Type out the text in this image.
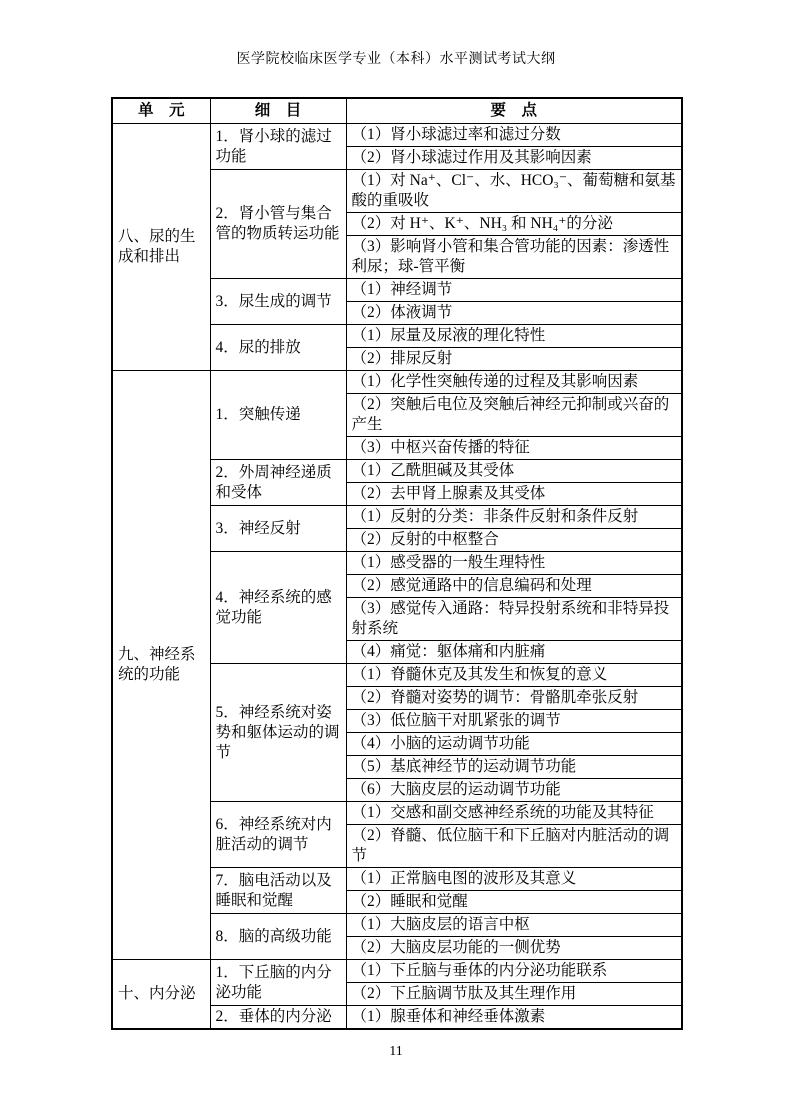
医学院校临床医学专业（本科）水平测试考试大纲
单　元	细　目	要　点
八、尿的生成和排出	1．肾小球的滤过功能	（1）肾小球滤过率和滤过分数
		（2）肾小球滤过作用及其影响因素
	2．肾小管与集合管的物质转运功能	（1）对 Na⁺、Cl⁻、水、HCO₃⁻、葡萄糖和氨基酸的重吸收
		（2）对 H⁺、K⁺、NH₃ 和 NH₄⁺的分泌
		（3）影响肾小管和集合管功能的因素：渗透性利尿；球-管平衡
	3．尿生成的调节	（1）神经调节
		（2）体液调节
	4．尿的排放	（1）尿量及尿液的理化特性
		（2）排尿反射
九、神经系统的功能	1．突触传递	（1）化学性突触传递的过程及其影响因素
		（2）突触后电位及突触后神经元抑制或兴奋的产生
		（3）中枢兴奋传播的特征
	2．外周神经递质和受体	（1）乙酰胆碱及其受体
		（2）去甲肾上腺素及其受体
	3．神经反射	（1）反射的分类：非条件反射和条件反射
		（2）反射的中枢整合
	4．神经系统的感觉功能	（1）感受器的一般生理特性
		（2）感觉通路中的信息编码和处理
		（3）感觉传入通路：特异投射系统和非特异投射系统
		（4）痛觉：躯体痛和内脏痛
	5．神经系统对姿势和躯体运动的调节	（1）脊髓休克及其发生和恢复的意义
		（2）脊髓对姿势的调节：骨骼肌牵张反射
		（3）低位脑干对肌紧张的调节
		（4）小脑的运动调节功能
		（5）基底神经节的运动调节功能
		（6）大脑皮层的运动调节功能
	6．神经系统对内脏活动的调节	（1）交感和副交感神经系统的功能及其特征
		（2）脊髓、低位脑干和下丘脑对内脏活动的调节
	7．脑电活动以及睡眠和觉醒	（1）正常脑电图的波形及其意义
		（2）睡眠和觉醒
	8．脑的高级功能	（1）大脑皮层的语言中枢
		（2）大脑皮层功能的一侧优势
十、内分泌	1．下丘脑的内分泌功能	（1）下丘脑与垂体的内分泌功能联系
		（2）下丘脑调节肽及其生理作用
	2．垂体的内分泌	（1）腺垂体和神经垂体激素
11
